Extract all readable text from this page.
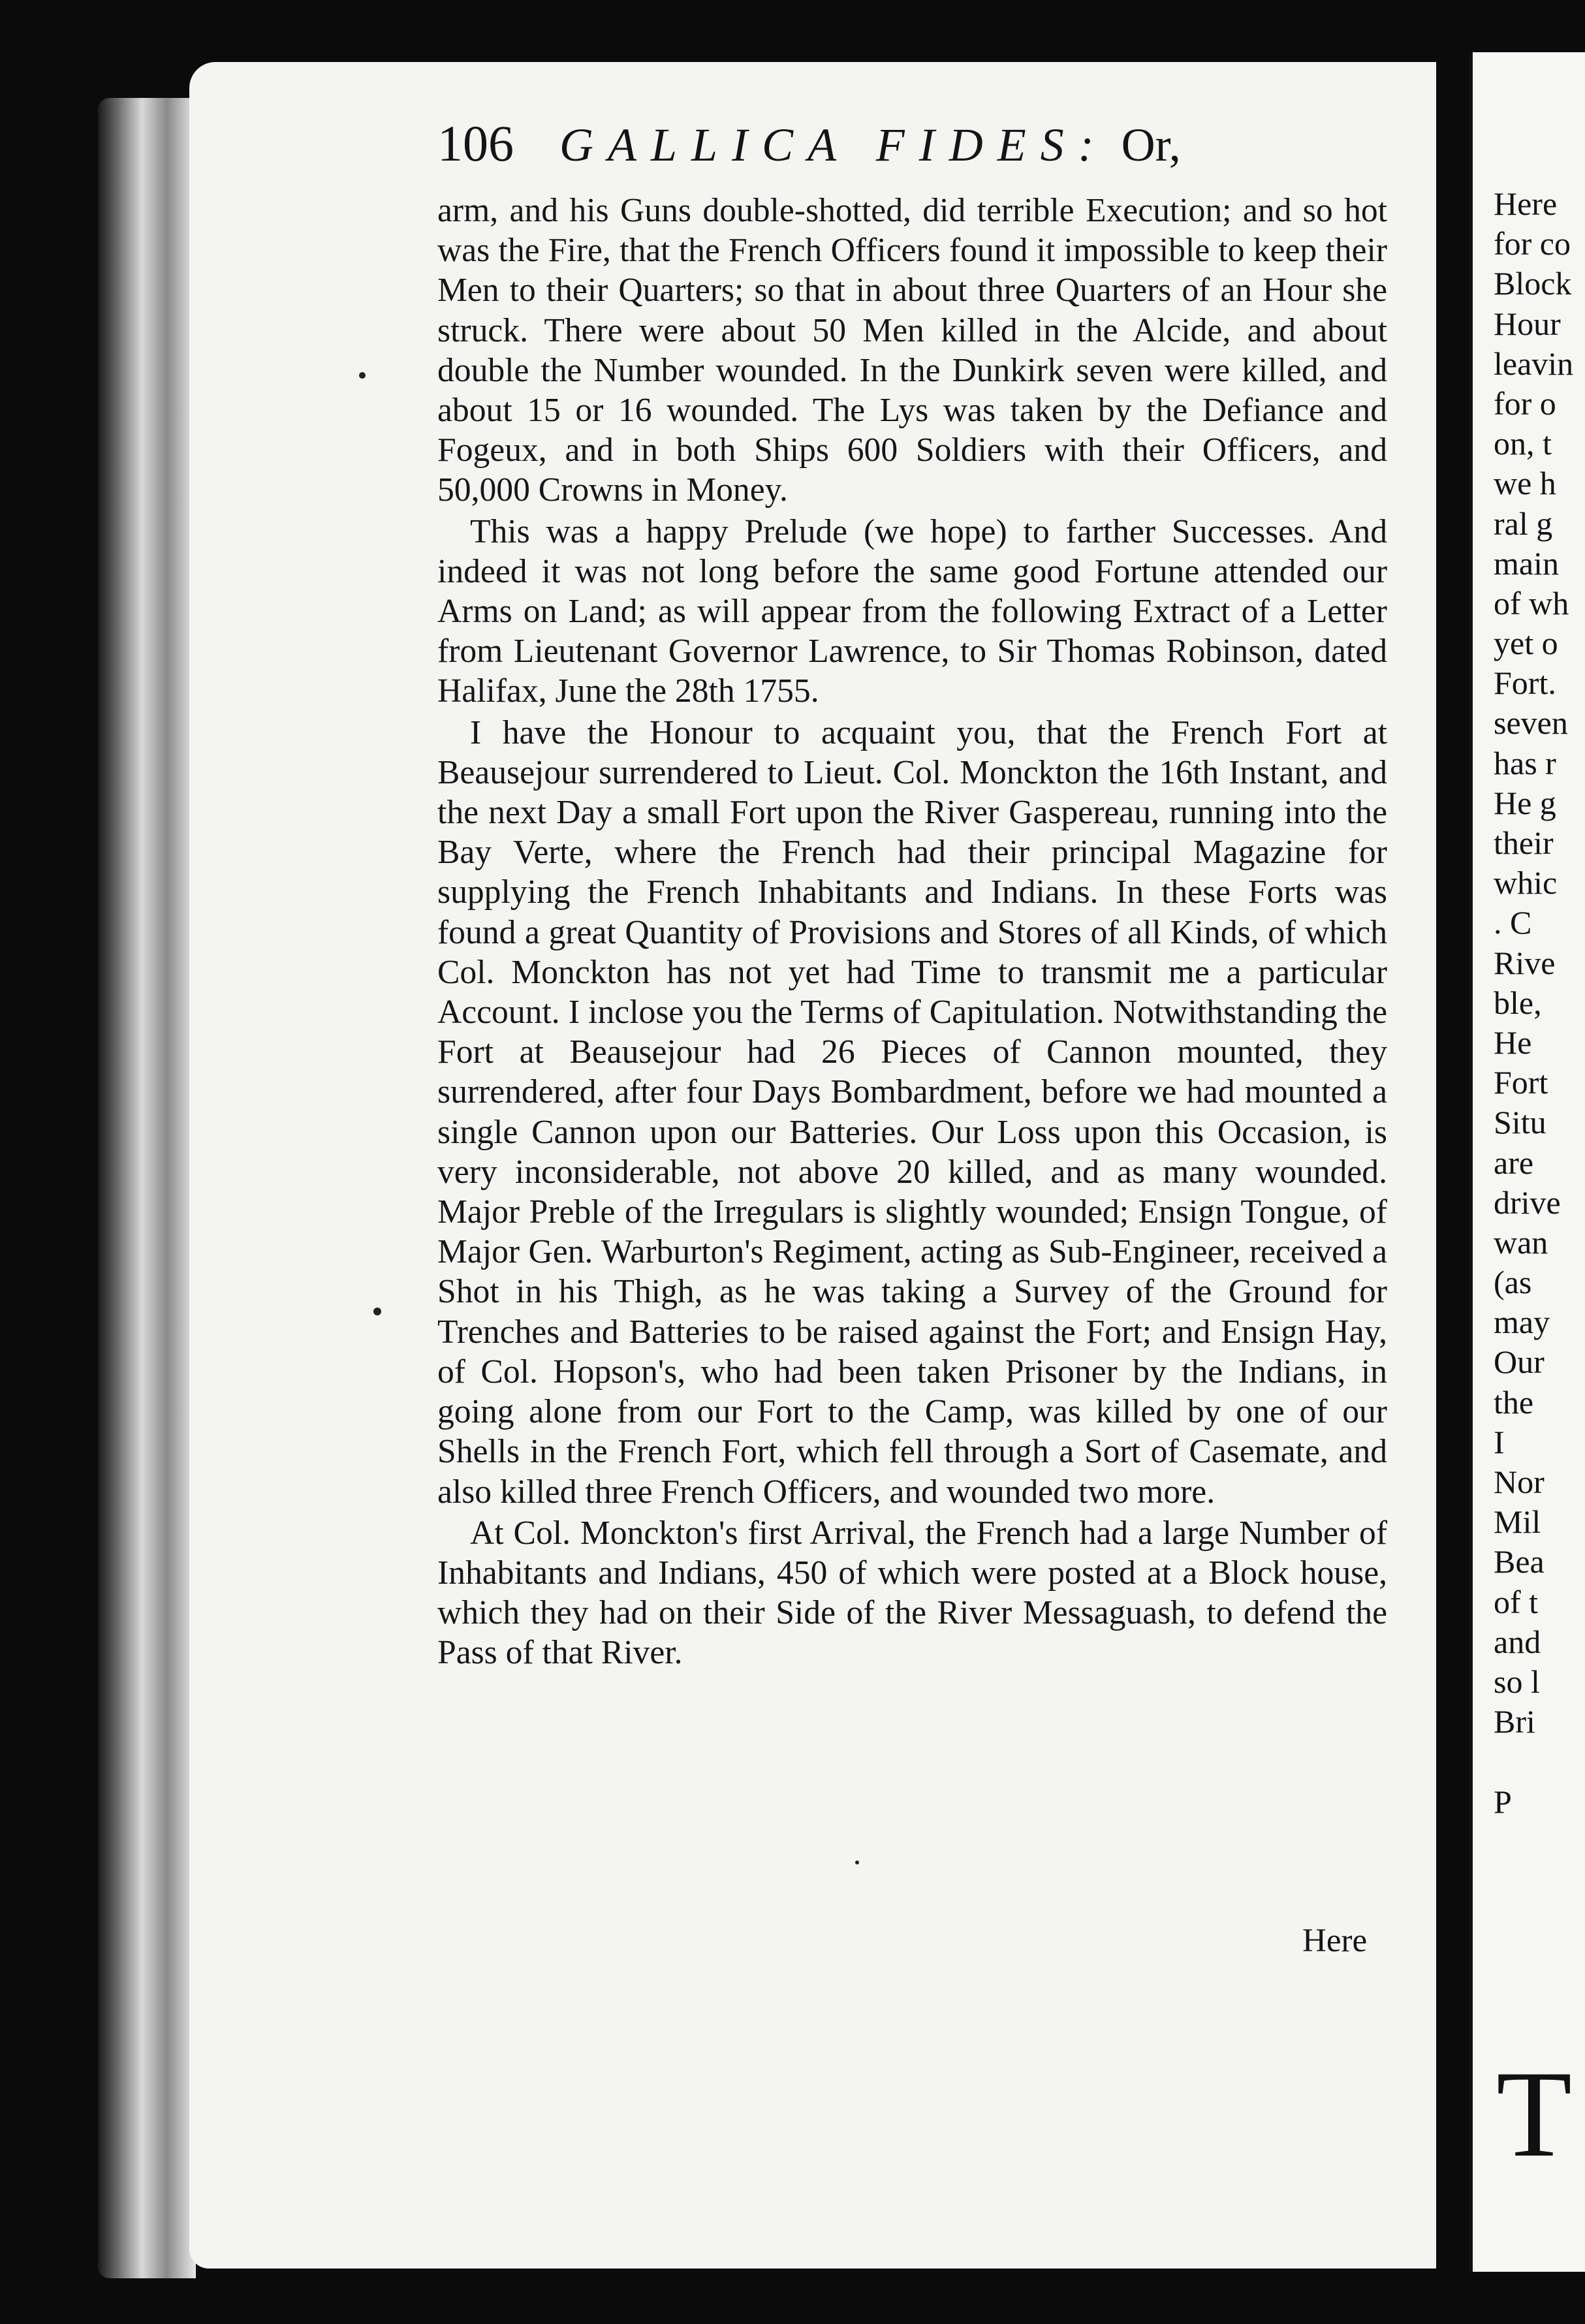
106 GALLICA FIDES: Or,

arm, and his Guns double-shotted, did terrible Execution; and so hot was the Fire, that the French Officers found it impossible to keep their Men to their Quarters; so that in about three Quarters of an Hour she struck. There were about 50 Men killed in the Alcide, and about double the Number wounded. In the Dunkirk seven were killed, and about 15 or 16 wounded. The Lys was taken by the Defiance and Fogeux, and in both Ships 600 Soldiers with their Officers, and 50,000 Crowns in Money.

This was a happy Prelude (we hope) to farther Successes. And indeed it was not long before the same good Fortune attended our Arms on Land; as will appear from the following Extract of a Letter from Lieutenant Governor Lawrence, to Sir Thomas Robinson, dated Halifax, June the 28th 1755.

I have the Honour to acquaint you, that the French Fort at Beausejour surrendered to Lieut. Col. Monckton the 16th Instant, and the next Day a small Fort upon the River Gaspereau, running into the Bay Verte, where the French had their principal Magazine for supplying the French Inhabitants and Indians. In these Forts was found a great Quantity of Provisions and Stores of all Kinds, of which Col. Monckton has not yet had Time to transmit me a particular Account. I inclose you the Terms of Capitulation. Notwithstanding the Fort at Beausejour had 26 Pieces of Cannon mounted, they surrendered, after four Days Bombardment, before we had mounted a single Cannon upon our Batteries. Our Loss upon this Occasion, is very inconsiderable, not above 20 killed, and as many wounded. Major Preble of the Irregulars is slightly wounded; Ensign Tongue, of Major Gen. Warburton's Regiment, acting as Sub-Engineer, received a Shot in his Thigh, as he was taking a Survey of the Ground for Trenches and Batteries to be raised against the Fort; and Ensign Hay, of Col. Hopson's, who had been taken Prisoner by the Indians, in going alone from our Fort to the Camp, was killed by one of our Shells in the French Fort, which fell through a Sort of Casemate, and also killed three French Officers, and wounded two more.

At Col. Monckton's first Arrival, the French had a large Number of Inhabitants and Indians, 450 of which were posted at a Block house, which they had on their Side of the River Messaguash, to defend the Pass of that River.

Here
Here
for co
Block
Hour
leavin
for o
on, t
we h
ral g
main
of wh
yet o
Fort.
seven
has r
He g
their
whic
. C
Rive
ble,
He
Fort
Situ
are
drive
wan
(as
may
Our
the
I
Nor
Mil
Bea
of t
and
so l
Bri
P
T
